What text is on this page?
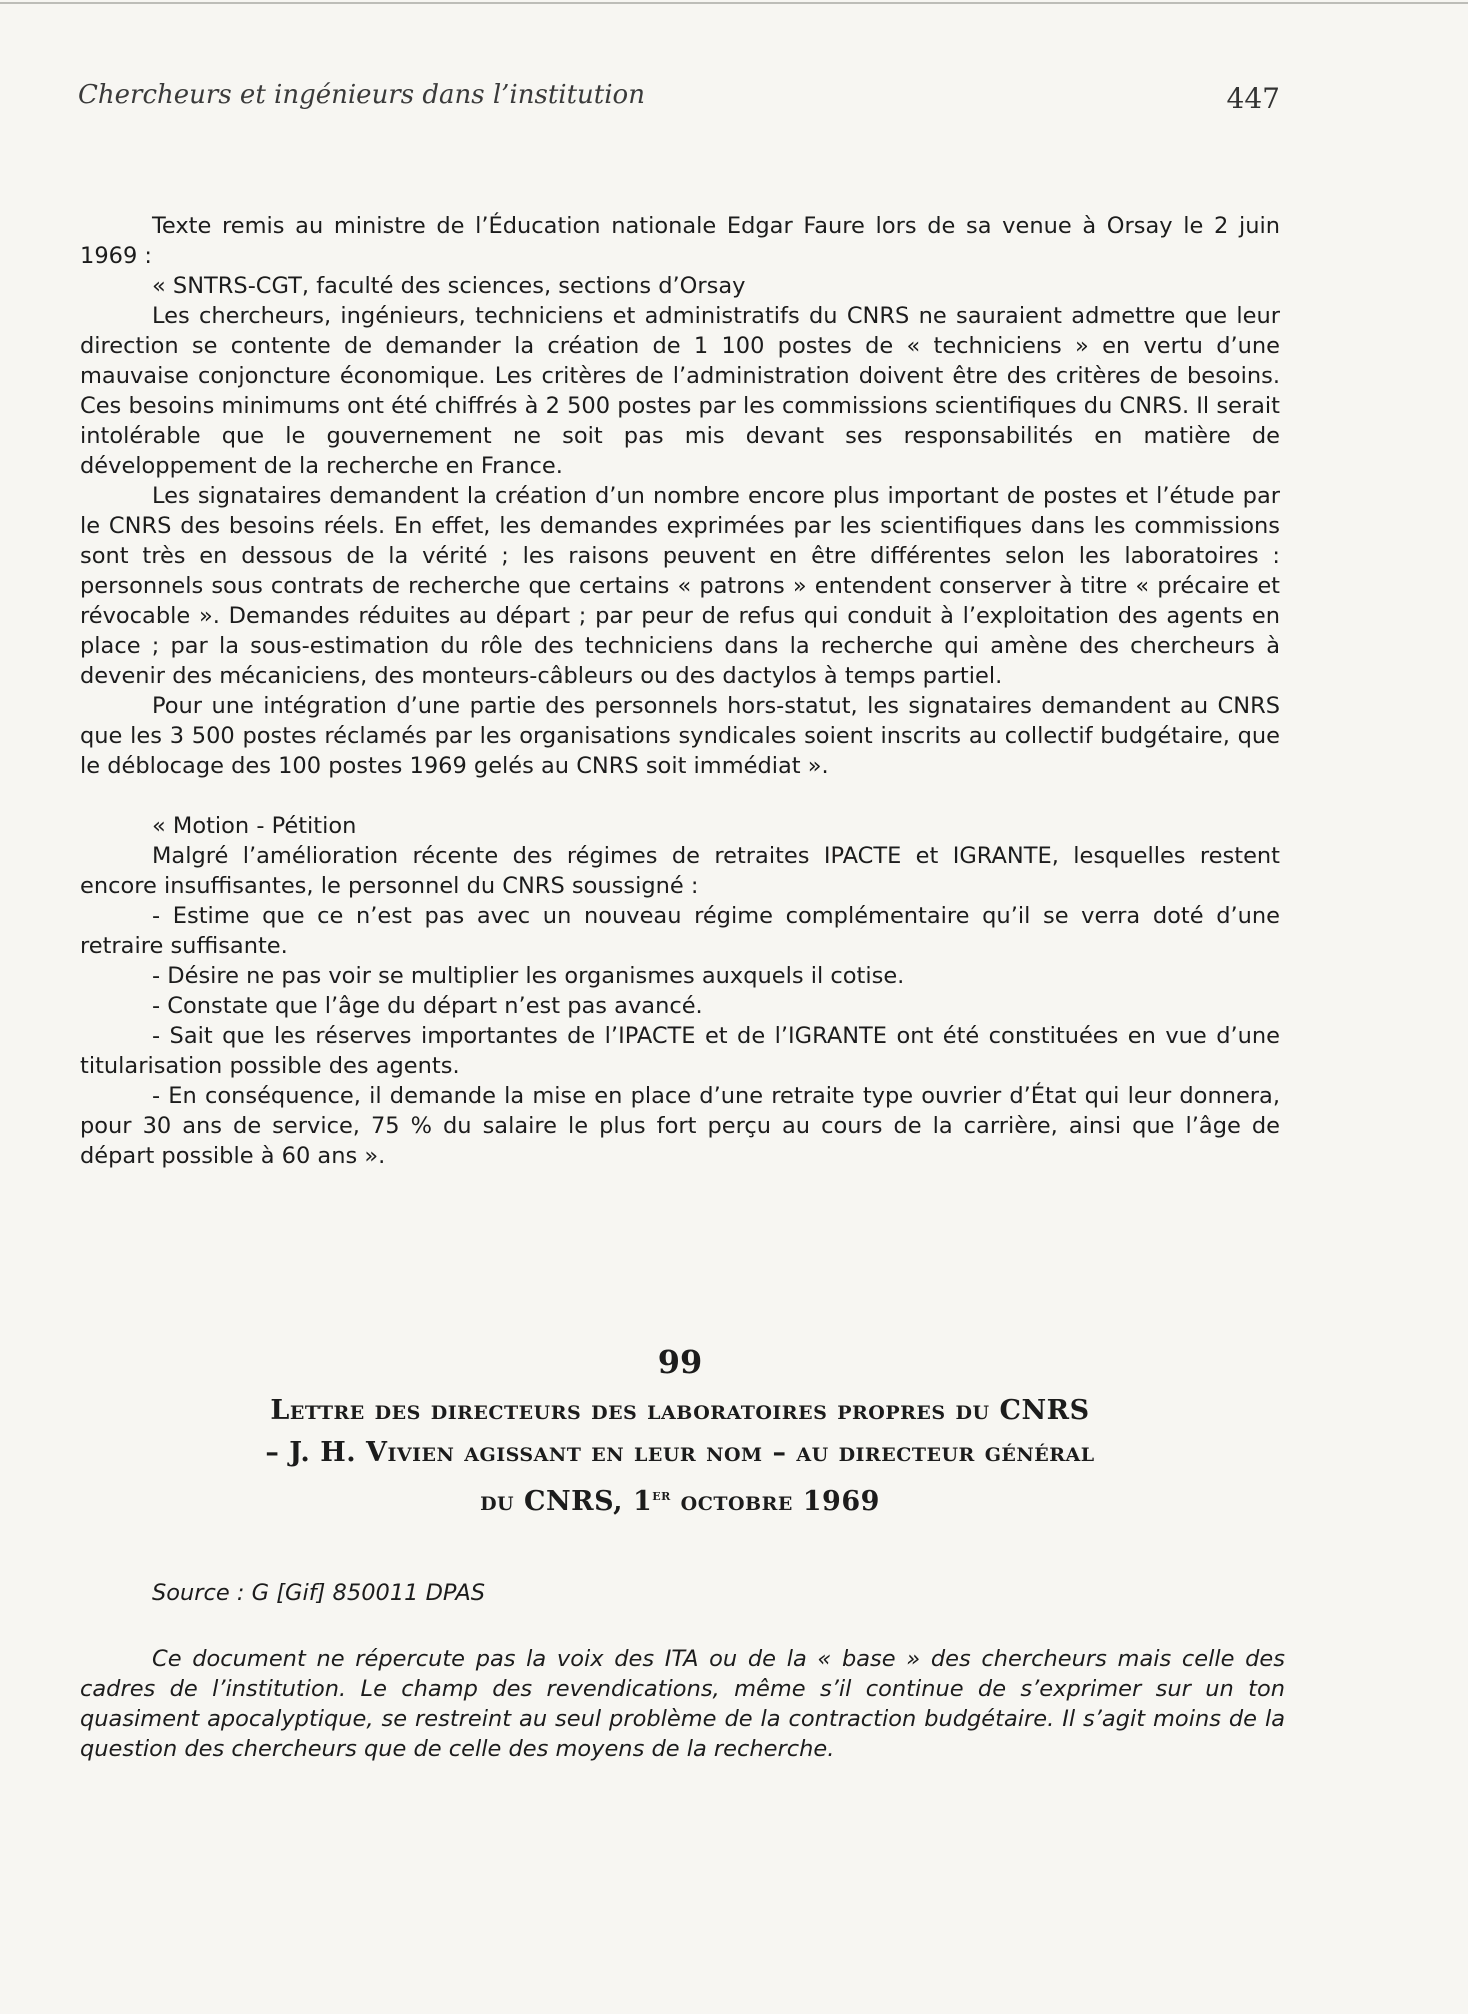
Chercheurs et ingénieurs dans l’institution	447

Texte remis au ministre de l’Éducation nationale Edgar Faure lors de sa venue à Orsay le 2 juin 1969 :

« SNTRS-CGT, faculté des sciences, sections d’Orsay

Les chercheurs, ingénieurs, techniciens et administratifs du CNRS ne sauraient admettre que leur direction se contente de demander la création de 1 100 postes de « techniciens » en vertu d’une mauvaise conjoncture économique. Les critères de l’administration doivent être des critères de besoins. Ces besoins minimums ont été chiffrés à 2 500 postes par les commissions scientifiques du CNRS. Il serait intolérable que le gouvernement ne soit pas mis devant ses responsabilités en matière de développement de la recherche en France.

Les signataires demandent la création d’un nombre encore plus important de postes et l’étude par le CNRS des besoins réels. En effet, les demandes exprimées par les scientifiques dans les commissions sont très en dessous de la vérité ; les raisons peuvent en être différentes selon les laboratoires : personnels sous contrats de recherche que certains « patrons » entendent conserver à titre « précaire et révocable ». Demandes réduites au départ ; par peur de refus qui conduit à l’exploitation des agents en place ; par la sous-estimation du rôle des techniciens dans la recherche qui amène des chercheurs à devenir des mécaniciens, des monteurs-câbleurs ou des dactylos à temps partiel.

Pour une intégration d’une partie des personnels hors-statut, les signataires demandent au CNRS que les 3 500 postes réclamés par les organisations syndicales soient inscrits au collectif budgétaire, que le déblocage des 100 postes 1969 gelés au CNRS soit immédiat ».

« Motion - Pétition

Malgré l’amélioration récente des régimes de retraites IPACTE et IGRANTE, lesquelles restent encore insuffisantes, le personnel du CNRS soussigné :

- Estime que ce n’est pas avec un nouveau régime complémentaire qu’il se verra doté d’une retraire suffisante.

- Désire ne pas voir se multiplier les organismes auxquels il cotise.

- Constate que l’âge du départ n’est pas avancé.

- Sait que les réserves importantes de l’IPACTE et de l’IGRANTE ont été constituées en vue d’une titularisation possible des agents.

- En conséquence, il demande la mise en place d’une retraite type ouvrier d’État qui leur donnera, pour 30 ans de service, 75 % du salaire le plus fort perçu au cours de la carrière, ainsi que l’âge de départ possible à 60 ans ».

99
Lettre des directeurs des laboratoires propres du CNRS
– J. H. Vivien agissant en leur nom – au directeur général
du CNRS, 1er octobre 1969
Source : G [Gif] 850011 DPAS

Ce document ne répercute pas la voix des ITA ou de la « base » des chercheurs mais celle des cadres de l’institution. Le champ des revendications, même s’il continue de s’exprimer sur un ton quasiment apocalyptique, se restreint au seul problème de la contraction budgétaire. Il s’agit moins de la question des chercheurs que de celle des moyens de la recherche.
